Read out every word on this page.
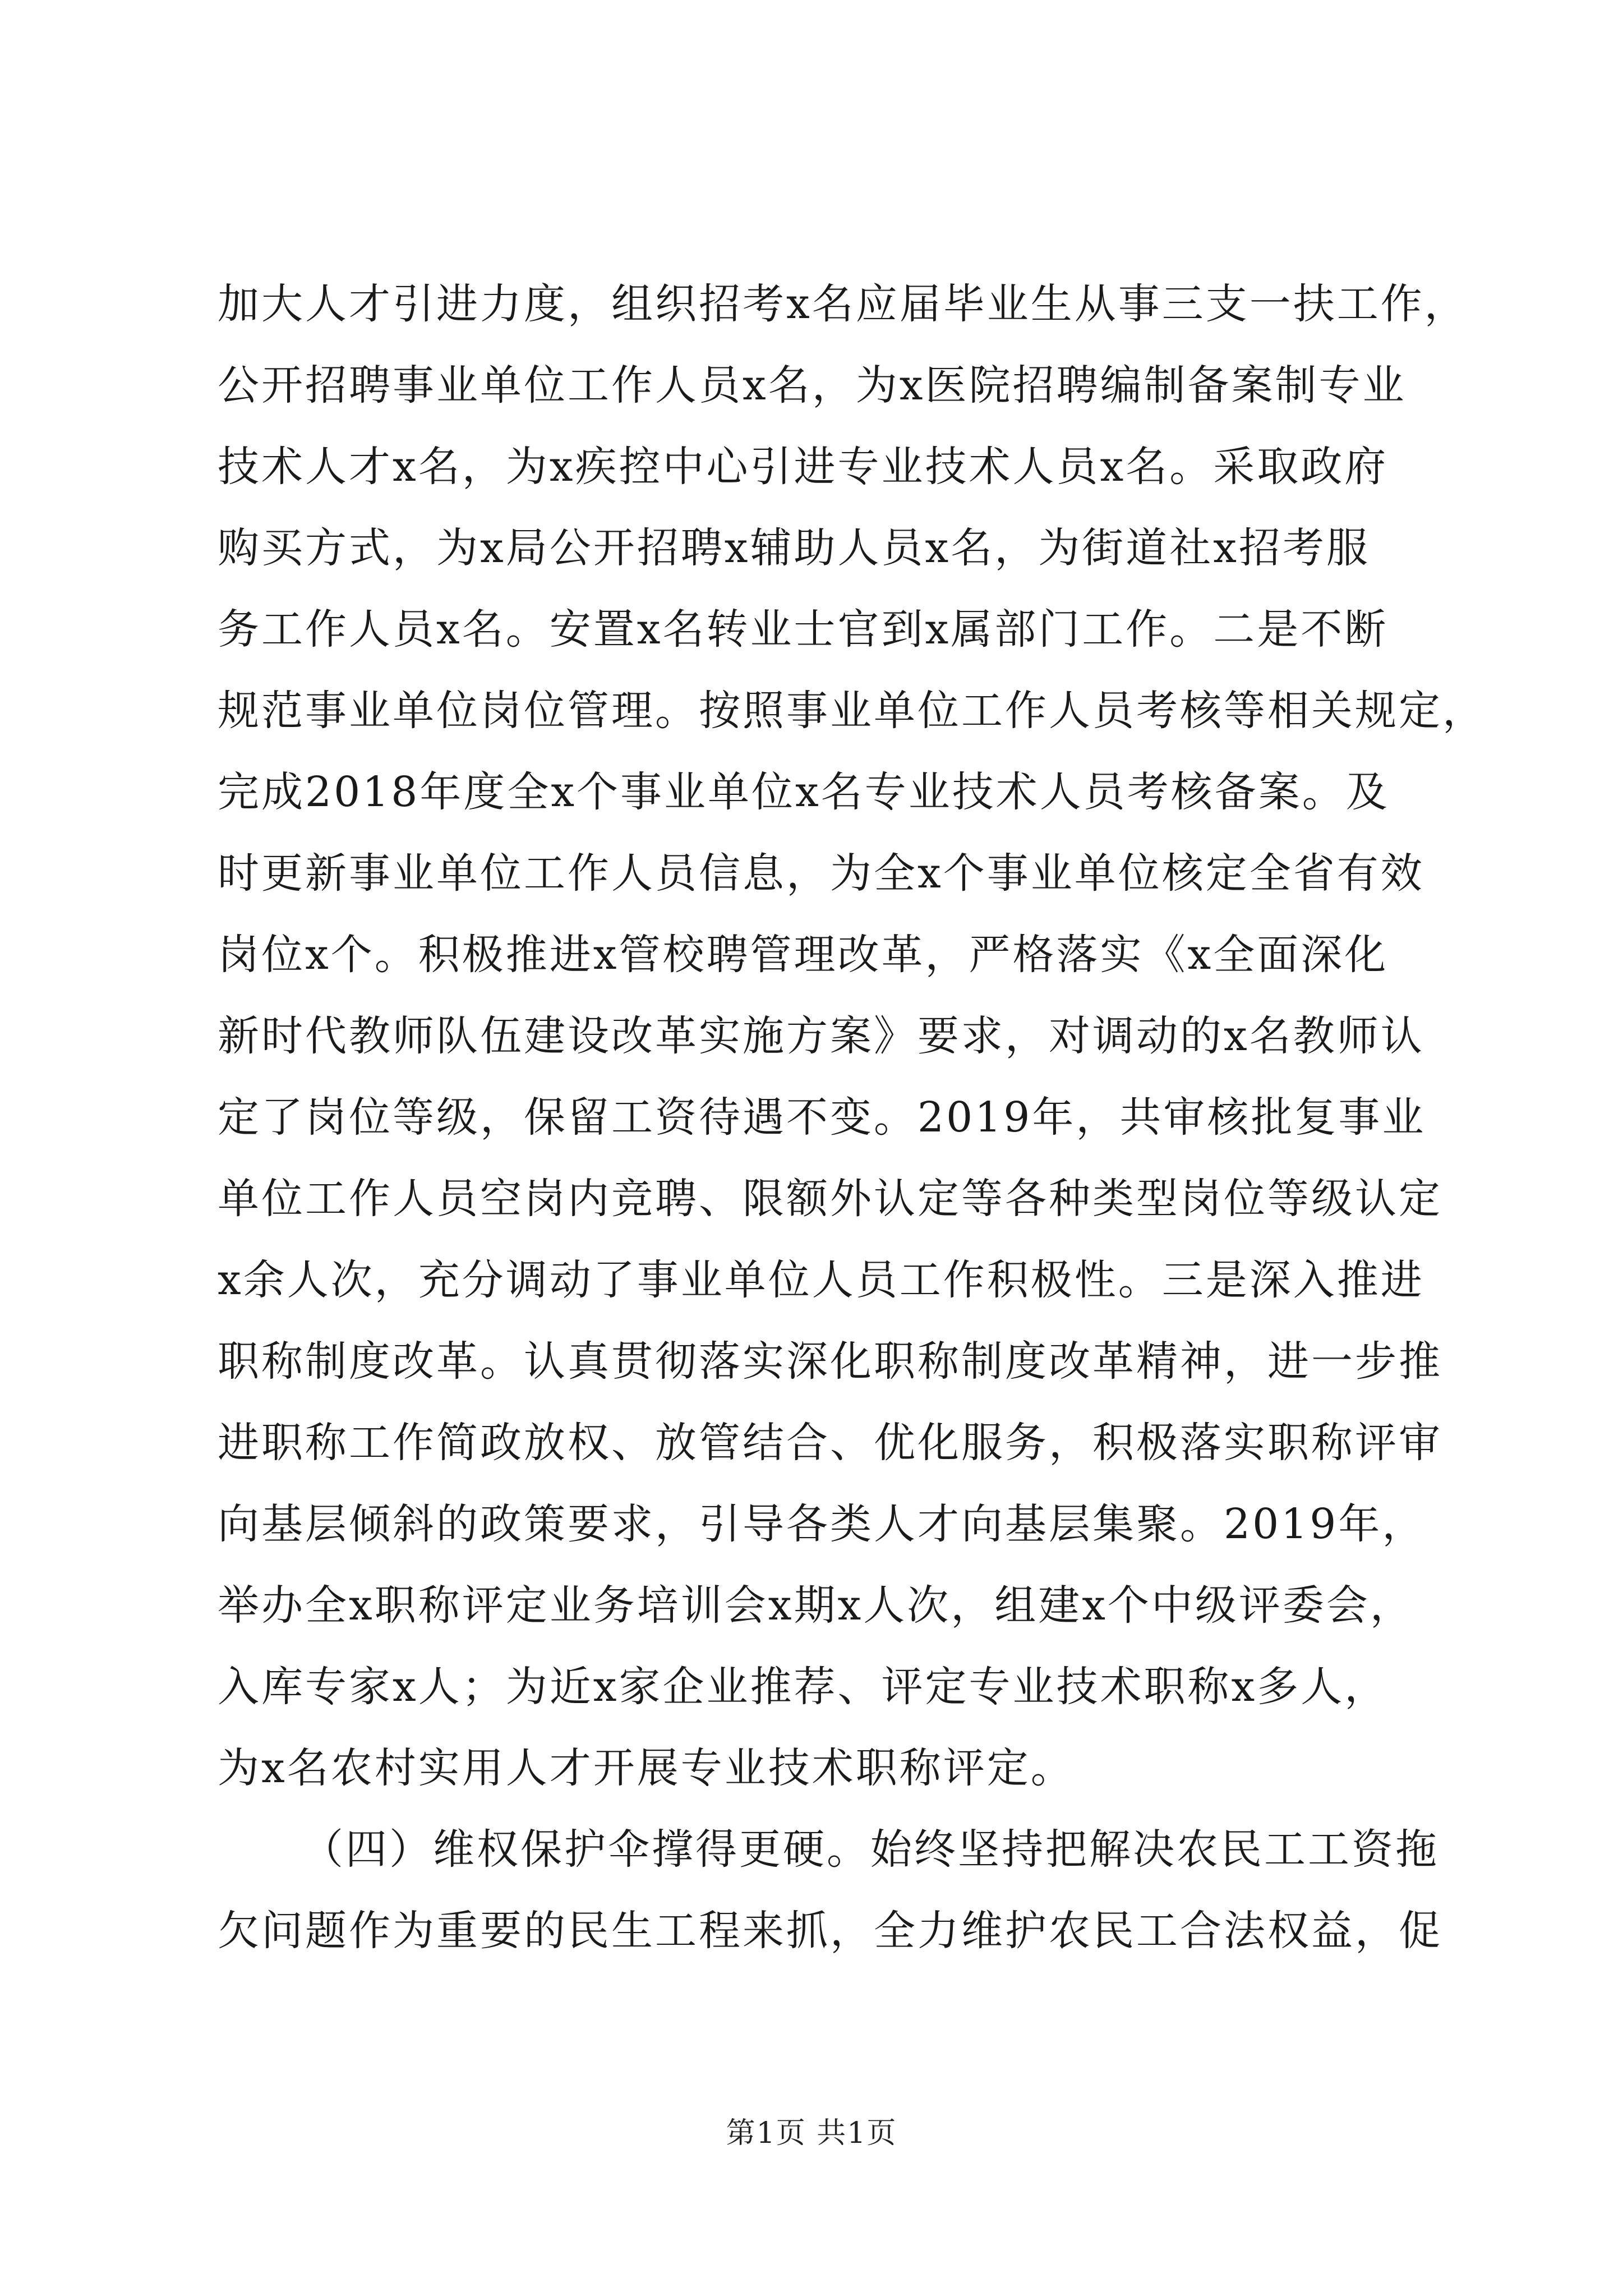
加大人才引进力度，组织招考x名应届毕业生从事三支一扶工作，
公开招聘事业单位工作人员x名，为x医院招聘编制备案制专业
技术人才x名，为x疾控中心引进专业技术人员x名。采取政府
购买方式，为x局公开招聘x辅助人员x名，为街道社x招考服
务工作人员x名。安置x名转业士官到x属部门工作。二是不断
规范事业单位岗位管理。按照事业单位工作人员考核等相关规定，
完成2018年度全x个事业单位x名专业技术人员考核备案。及
时更新事业单位工作人员信息，为全x个事业单位核定全省有效
岗位x个。积极推进x管校聘管理改革，严格落实《x全面深化
新时代教师队伍建设改革实施方案》要求，对调动的x名教师认
定了岗位等级，保留工资待遇不变。2019年，共审核批复事业
单位工作人员空岗内竞聘、限额外认定等各种类型岗位等级认定
x余人次，充分调动了事业单位人员工作积极性。三是深入推进
职称制度改革。认真贯彻落实深化职称制度改革精神，进一步推
进职称工作简政放权、放管结合、优化服务，积极落实职称评审
向基层倾斜的政策要求，引导各类人才向基层集聚。2019年，
举办全x职称评定业务培训会x期x人次，组建x个中级评委会，
入库专家x人；为近x家企业推荐、评定专业技术职称x多人，
为x名农村实用人才开展专业技术职称评定。
（四）维权保护伞撑得更硬。始终坚持把解决农民工工资拖
欠问题作为重要的民生工程来抓，全力维护农民工合法权益，促
第1页 共1页
